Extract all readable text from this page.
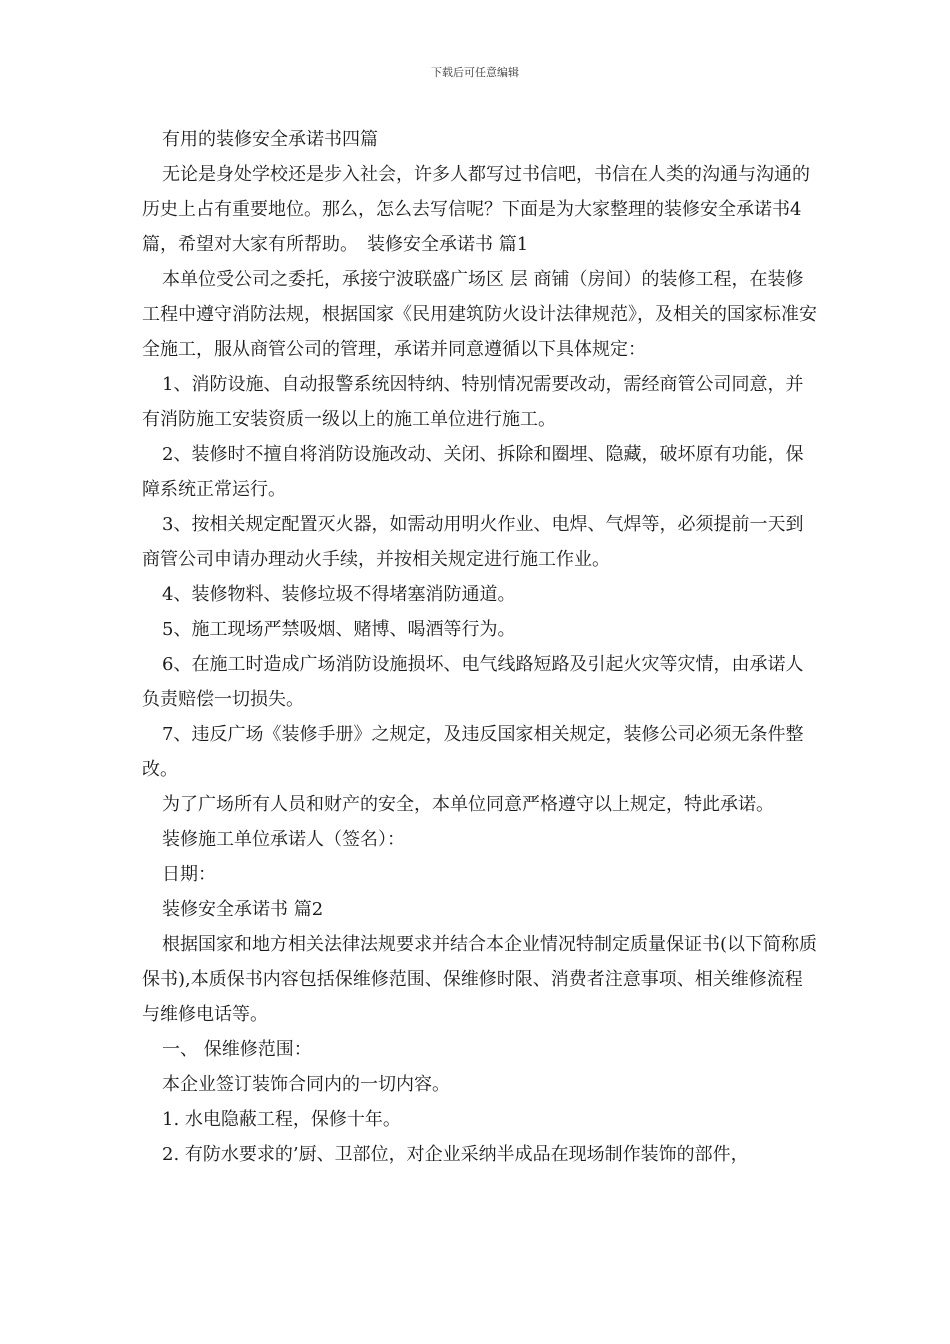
下载后可任意编辑

有用的装修安全承诺书四篇

无论是身处学校还是步入社会，许多人都写过书信吧，书信在人类的沟通与沟通的历史上占有重要地位。那么，怎么去写信呢？下面是为大家整理的装修安全承诺书4篇，希望对大家有所帮助。　装修安全承诺书 篇1

本单位受公司之委托，承接宁波联盛广场区 层 商铺（房间）的装修工程，在装修工程中遵守消防法规，根据国家《民用建筑防火设计法律规范》，及相关的国家标准安全施工，服从商管公司的管理，承诺并同意遵循以下具体规定：

1、消防设施、自动报警系统因特纳、特别情况需要改动，需经商管公司同意，并有消防施工安装资质一级以上的施工单位进行施工。

2、装修时不擅自将消防设施改动、关闭、拆除和圈埋、隐藏，破坏原有功能，保障系统正常运行。

3、按相关规定配置灭火器，如需动用明火作业、电焊、气焊等，必须提前一天到商管公司申请办理动火手续，并按相关规定进行施工作业。

4、装修物料、装修垃圾不得堵塞消防通道。

5、施工现场严禁吸烟、赌博、喝酒等行为。

6、在施工时造成广场消防设施损坏、电气线路短路及引起火灾等灾情，由承诺人负责赔偿一切损失。

7、违反广场《装修手册》之规定，及违反国家相关规定，装修公司必须无条件整改。

为了广场所有人员和财产的安全，本单位同意严格遵守以上规定，特此承诺。

装修施工单位承诺人（签名）：

日期：

装修安全承诺书 篇2

根据国家和地方相关法律法规要求并结合本企业情况特制定质量保证书(以下简称质保书),本质保书内容包括保维修范围、保维修时限、消费者注意事项、相关维修流程与维修电话等。

一、 保维修范围：

本企业签订装饰合同内的一切内容。

1. 水电隐蔽工程，保修十年。

2. 有防水要求的’厨、卫部位，对企业采纳半成品在现场制作装饰的部件，
